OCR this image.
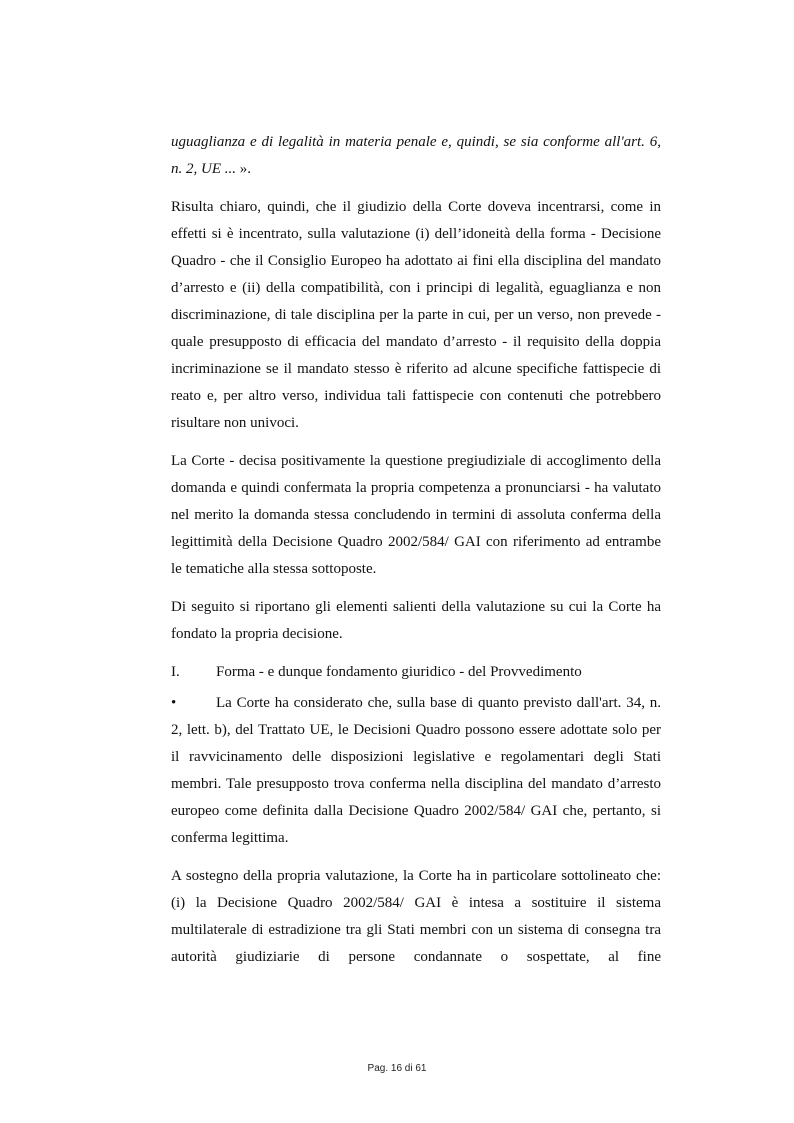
uguaglianza e di legalità in materia penale e, quindi, se sia conforme all'art. 6, n. 2, UE ... ».

Risulta chiaro, quindi, che il giudizio della Corte doveva incentrarsi, come in effetti si è incentrato, sulla valutazione (i) dell’idoneità della forma - Decisione Quadro - che il Consiglio Europeo ha adottato ai fini ella disciplina del mandato d’arresto e (ii) della compatibilità, con i principi di legalità, eguaglianza e non discriminazione, di tale disciplina per la parte in cui, per un verso, non prevede - quale presupposto di efficacia del mandato d’arresto - il requisito della doppia incriminazione se il mandato stesso è riferito ad alcune specifiche fattispecie di reato e, per altro verso, individua tali fattispecie con contenuti che potrebbero risultare non univoci.

La Corte - decisa positivamente la questione pregiudiziale di accoglimento della domanda e quindi confermata la propria competenza a pronunciarsi - ha valutato nel merito la domanda stessa concludendo in termini di assoluta conferma della legittimità della Decisione Quadro 2002/584/ GAI con riferimento ad entrambe le tematiche alla stessa sottoposte.

Di seguito si riportano gli elementi salienti della valutazione su cui la Corte ha fondato la propria decisione.

I.	Forma - e dunque fondamento giuridico - del Provvedimento

•	La Corte ha considerato che, sulla base di quanto previsto dall'art. 34, n. 2, lett. b), del Trattato UE, le Decisioni Quadro possono essere adottate solo per il ravvicinamento delle disposizioni legislative e regolamentari degli Stati membri. Tale presupposto trova conferma nella disciplina del mandato d’arresto europeo come definita dalla Decisione Quadro 2002/584/ GAI che, pertanto, si conferma legittima.

A sostegno della propria valutazione, la Corte ha in particolare sottolineato che: (i) la Decisione Quadro 2002/584/ GAI è intesa a sostituire il sistema multilaterale di estradizione tra gli Stati membri con un sistema di consegna tra autorità giudiziarie di persone condannate o sospettate, al fine

Pag. 16 di 61
